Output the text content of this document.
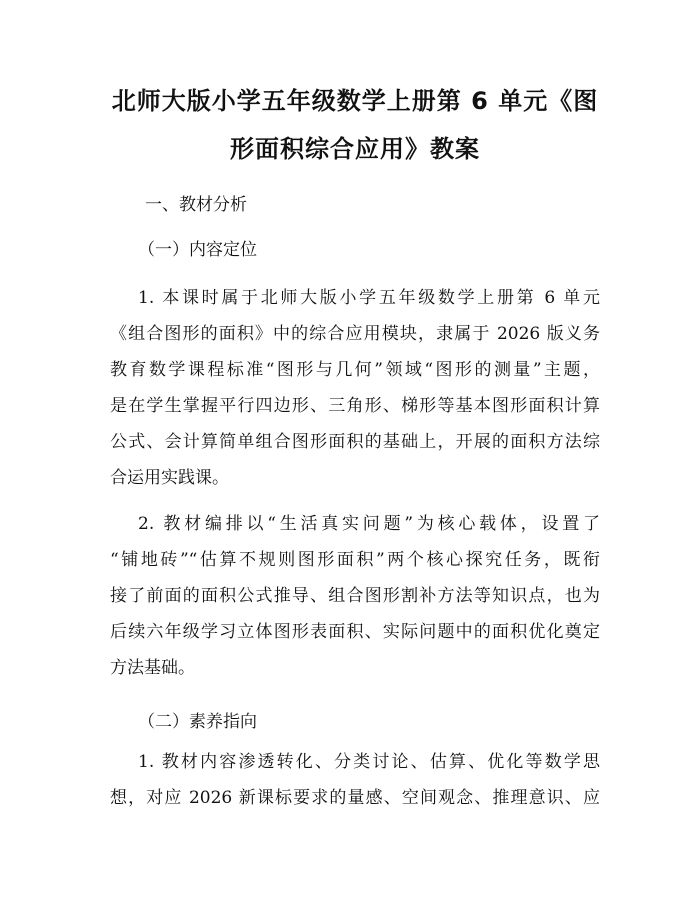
北师大版小学五年级数学上册第 6 单元《图
形面积综合应用》教案
一、教材分析
（一）内容定位
1. 本课时属于北师大版小学五年级数学上册第 6 单元
《组合图形的面积》中的综合应用模块，隶属于 2026 版义务
教育数学课程标准“图形与几何”领域“图形的测量”主题，
是在学生掌握平行四边形、三角形、梯形等基本图形面积计算
公式、会计算简单组合图形面积的基础上，开展的面积方法综
合运用实践课。
2. 教材编排以“生活真实问题”为核心载体，设置了
“铺地砖”“估算不规则图形面积”两个核心探究任务，既衔
接了前面的面积公式推导、组合图形割补方法等知识点，也为
后续六年级学习立体图形表面积、实际问题中的面积优化奠定
方法基础。
（二）素养指向
1. 教材内容渗透转化、分类讨论、估算、优化等数学思
想，对应 2026 新课标要求的量感、空间观念、推理意识、应
